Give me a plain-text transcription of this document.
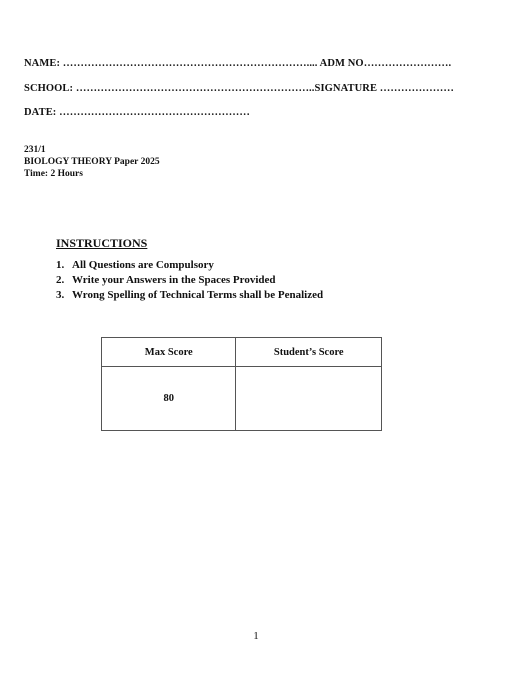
NAME: …………………………………………………………….... ADM NO…………………….
SCHOOL: …………………………………………………………..SIGNATURE …………………
DATE: ………………………………………………
231/1
BIOLOGY THEORY Paper 2025
Time: 2 Hours
INSTRUCTIONS
1. All Questions are Compulsory
2. Write your Answers in the Spaces Provided
3. Wrong Spelling of Technical Terms shall be Penalized
Max Score	Student’s Score
80	
1
